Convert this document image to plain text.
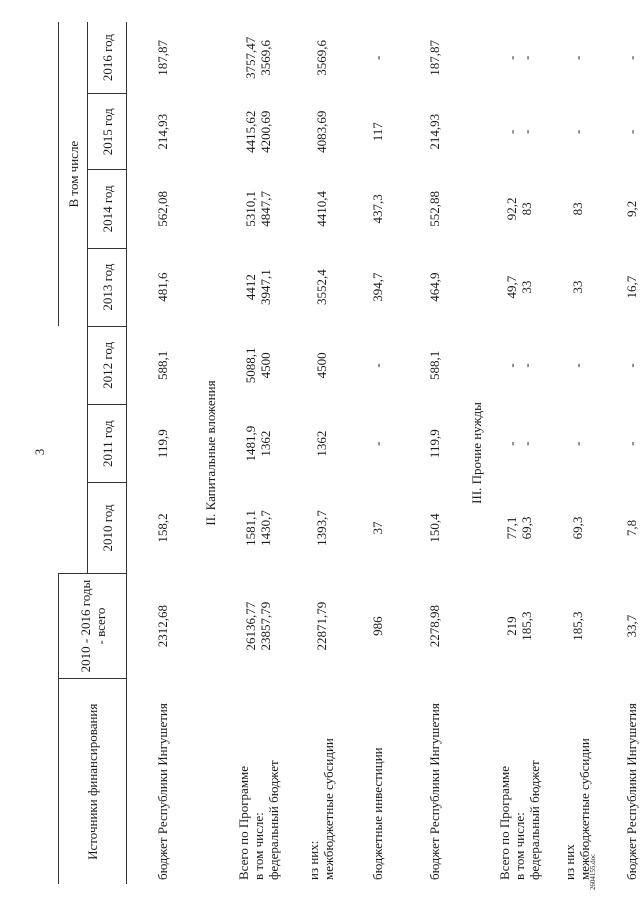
3
Источники финансирования	2010 - 2016 годы - всего				В том числе			
		2010 год	2011 год	2012 год	2013 год	2014 год	2015 год	2016 год
бюджет Республики Ингушетия	2312,68	158,2	119,9	588,1	481,6	562,08	214,93	187,87
II. Капитальные вложения								

Всего по Программе в том числе: федеральный бюджет	26136,77 23857,79	1581,1 1430,7	1481,9 1362	5088,1 4500	4412 3947,1	5310,1 4847,7	4415,62 4200,69	3757,47 3569,6

из них: межбюджетные субсидии	22871,79	1393,7	1362	4500	3552,4	4410,4	4083,69	3569,6
бюджетные инвестиции	986	37	-	-	394,7	437,3	117	-
бюджет Республики Ингушетия	2278,98	150,4	119,9	588,1	464,9	552,88	214,93	187,87
III. Прочие нужды								

Всего по Программе в том числе: федеральный бюджет	219 185,3	77,1 69,3	- -	- -	49,7 33	92,2 83	- -	- -

из них межбюджетные субсидии	185,3	69,3	-	-	33	83	-	-
бюджет Республики Ингушетия	33,7	7,8	-	-	16,7	9,2	-	-
2604155.doc
